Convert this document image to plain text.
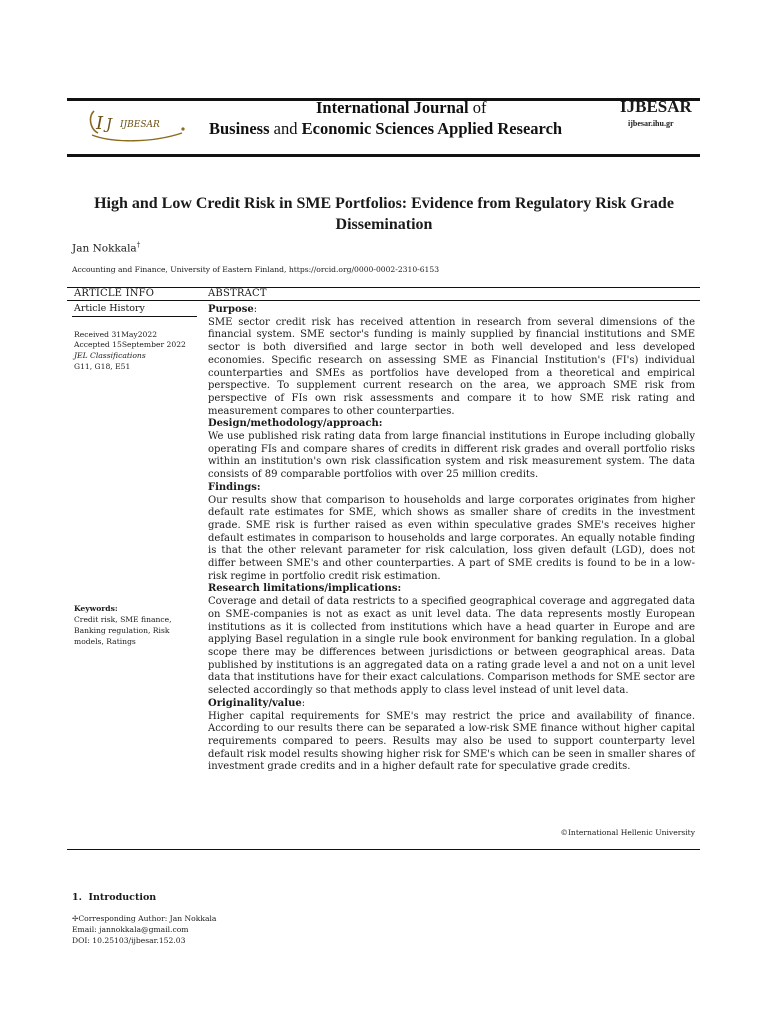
I J IJBESAR
International Journal of
Business and Economic Sciences Applied Research
IJBESAR
ijbesar.ihu.gr
High and Low Credit Risk in SME Portfolios: Evidence from Regulatory Risk Grade Dissemination
Jan Nokkala†
Accounting and Finance, University of Eastern Finland, https://orcid.org/0000-0002-2310-6153
ARTICLE INFO	ABSTRACT
Article History
Received 31May2022
Accepted 15September 2022
JEL Classifications
G11, G18, E51
Keywords:
Credit risk, SME finance,
Banking regulation, Risk
models, Ratings

Purpose:

SME sector credit risk has received attention in research from several dimensions of the financial system. SME sector's funding is mainly supplied by financial institutions and SME sector is both diversified and large sector in both well developed and less developed economies. Specific research on assessing SME as Financial Institution's (FI's) individual counterparties and SMEs as portfolios have developed from a theoretical and empirical perspective. To supplement current research on the area, we approach SME risk from perspective of FIs own risk assessments and compare it to how SME risk rating and measurement compares to other counterparties.

Design/methodology/approach:

We use published risk rating data from large financial institutions in Europe including globally operating FIs and compare shares of credits in different risk grades and overall portfolio risks within an institution's own risk classification system and risk measurement system. The data consists of 89 comparable portfolios with over 25 million credits.

Findings:

Our results show that comparison to households and large corporates originates from higher default rate estimates for SME, which shows as smaller share of credits in the investment grade. SME risk is further raised as even within speculative grades SME's receives higher default estimates in comparison to households and large corporates. An equally notable finding is that the other relevant parameter for risk calculation, loss given default (LGD), does not differ between SME's and other counterparties. A part of SME credits is found to be in a low-risk regime in portfolio credit risk estimation.

Research limitations/implications:

Coverage and detail of data restricts to a specified geographical coverage and aggregated data on SME-companies is not as exact as unit level data. The data represents mostly European institutions as it is collected from institutions which have a head quarter in Europe and are applying Basel regulation in a single rule book environment for banking regulation. In a global scope there may be differences between jurisdictions or between geographical areas. Data published by institutions is an aggregated data on a rating grade level a and not on a unit level data that institutions have for their exact calculations. Comparison methods for SME sector are selected accordingly so that methods apply to class level instead of unit level data.

Originality/value:

Higher capital requirements for SME's may restrict the price and availability of finance. According to our results there can be separated a low-risk SME finance without higher capital requirements compared to peers. Results may also be used to support counterparty level default risk model results showing higher risk for SME's which can be seen in smaller shares of investment grade credits and in a higher default rate for speculative grade credits.

©International Hellenic University
1. Introduction
✢Corresponding Author: Jan Nokkala
Email: jannokkala@gmail.com
DOI: 10.25103/ijbesar.152.03
